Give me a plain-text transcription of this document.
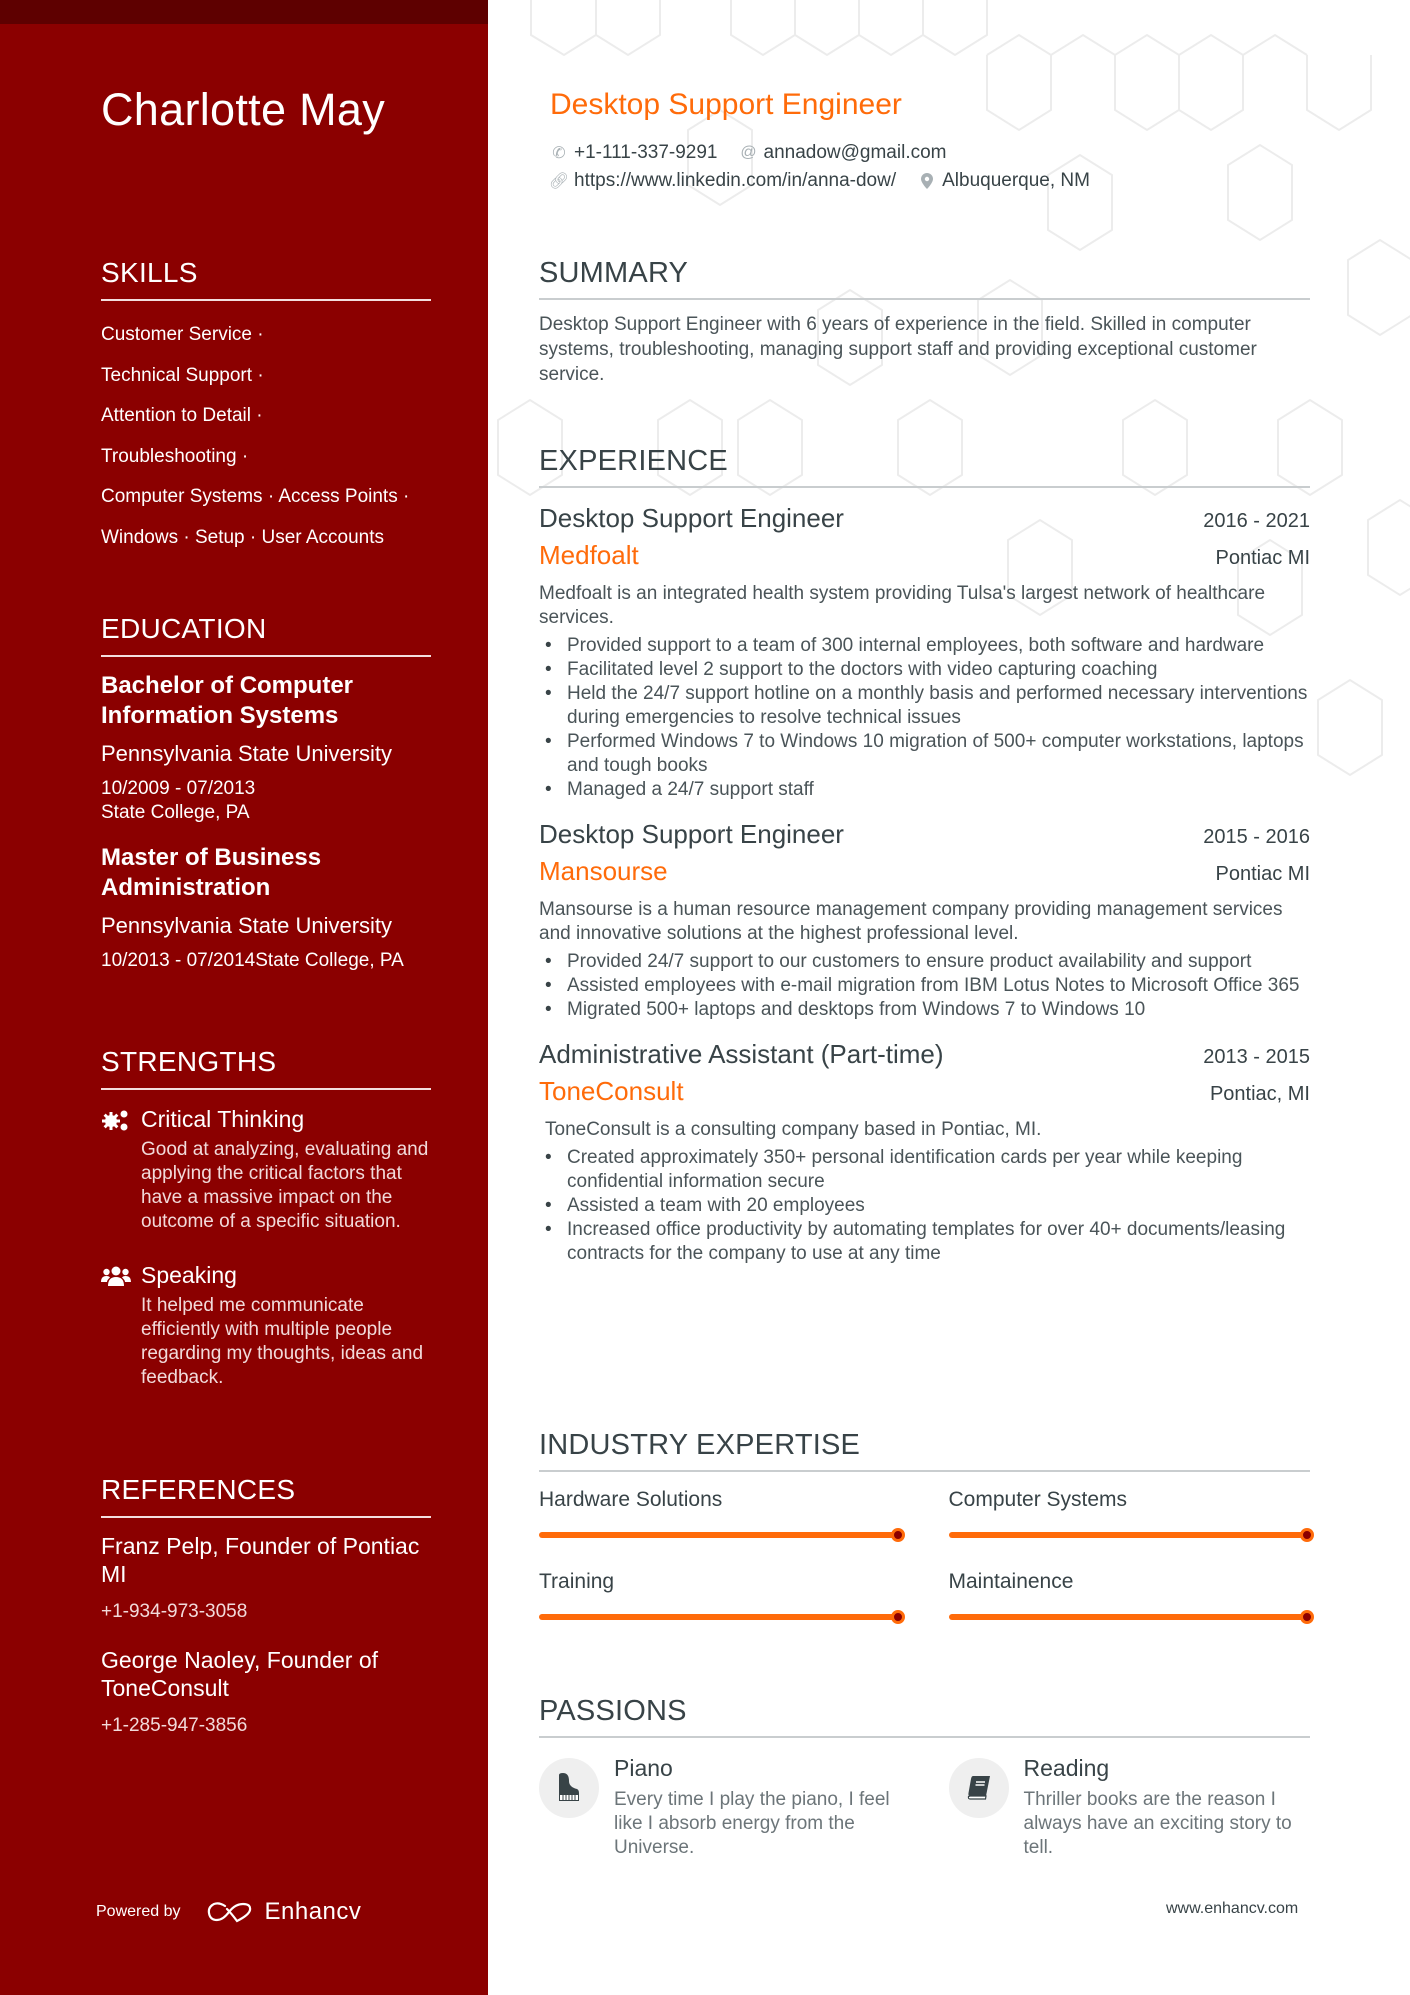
Charlotte May
SKILLS
Customer Service ·
Technical Support ·
Attention to Detail ·
Troubleshooting ·
Computer Systems · Access Points ·
Windows · Setup · User Accounts
EDUCATION
Bachelor of Computer Information Systems
Pennsylvania State University
10/2009 - 07/2013
State College, PA
Master of Business Administration
Pennsylvania State University
10/2013 - 07/2014State College, PA
STRENGTHS
Critical Thinking
Good at analyzing, evaluating and applying the critical factors that have a massive impact on the outcome of a specific situation.
Speaking
It helped me communicate efficiently with multiple people regarding my thoughts, ideas and feedback.
REFERENCES
Franz Pelp, Founder of Pontiac MI
+1-934-973-3058
George Naoley, Founder of ToneConsult
+1-285-947-3856
Powered by	Enhancv
Desktop Support Engineer
✆ +1-111-337-9291 @ annadow@gmail.com
🔗︎ https://www.linkedin.com/in/anna-dow/ Albuquerque, NM
SUMMARY
Desktop Support Engineer with 6 years of experience in the field. Skilled in computer systems, troubleshooting, managing support staff and providing exceptional customer service.
EXPERIENCE
Desktop Support Engineer	2016 - 2021
Medfoalt	Pontiac MI
Medfoalt is an integrated health system providing Tulsa's largest network of healthcare services.
• Provided support to a team of 300 internal employees, both software and hardware
• Facilitated level 2 support to the doctors with video capturing coaching
• Held the 24/7 support hotline on a monthly basis and performed necessary interventions during emergencies to resolve technical issues
• Performed Windows 7 to Windows 10 migration of 500+ computer workstations, laptops and tough books
• Managed a 24/7 support staff
Desktop Support Engineer	2015 - 2016
Mansourse	Pontiac MI
Mansourse is a human resource management company providing management services and innovative solutions at the highest professional level.
• Provided 24/7 support to our customers to ensure product availability and support
• Assisted employees with e-mail migration from IBM Lotus Notes to Microsoft Office 365
• Migrated 500+ laptops and desktops from Windows 7 to Windows 10
Administrative Assistant (Part-time)	2013 - 2015
ToneConsult	Pontiac, MI
ToneConsult is a consulting company based in Pontiac, MI.
• Created approximately 350+ personal identification cards per year while keeping confidential information secure
• Assisted a team with 20 employees
• Increased office productivity by automating templates for over 40+ documents/leasing contracts for the company to use at any time
INDUSTRY EXPERTISE
Hardware Solutions	Computer Systems
Training	Maintainence
PASSIONS
Piano
Every time I play the piano, I feel like I absorb energy from the Universe.
Reading
Thriller books are the reason I always have an exciting story to tell.
www.enhancv.com
